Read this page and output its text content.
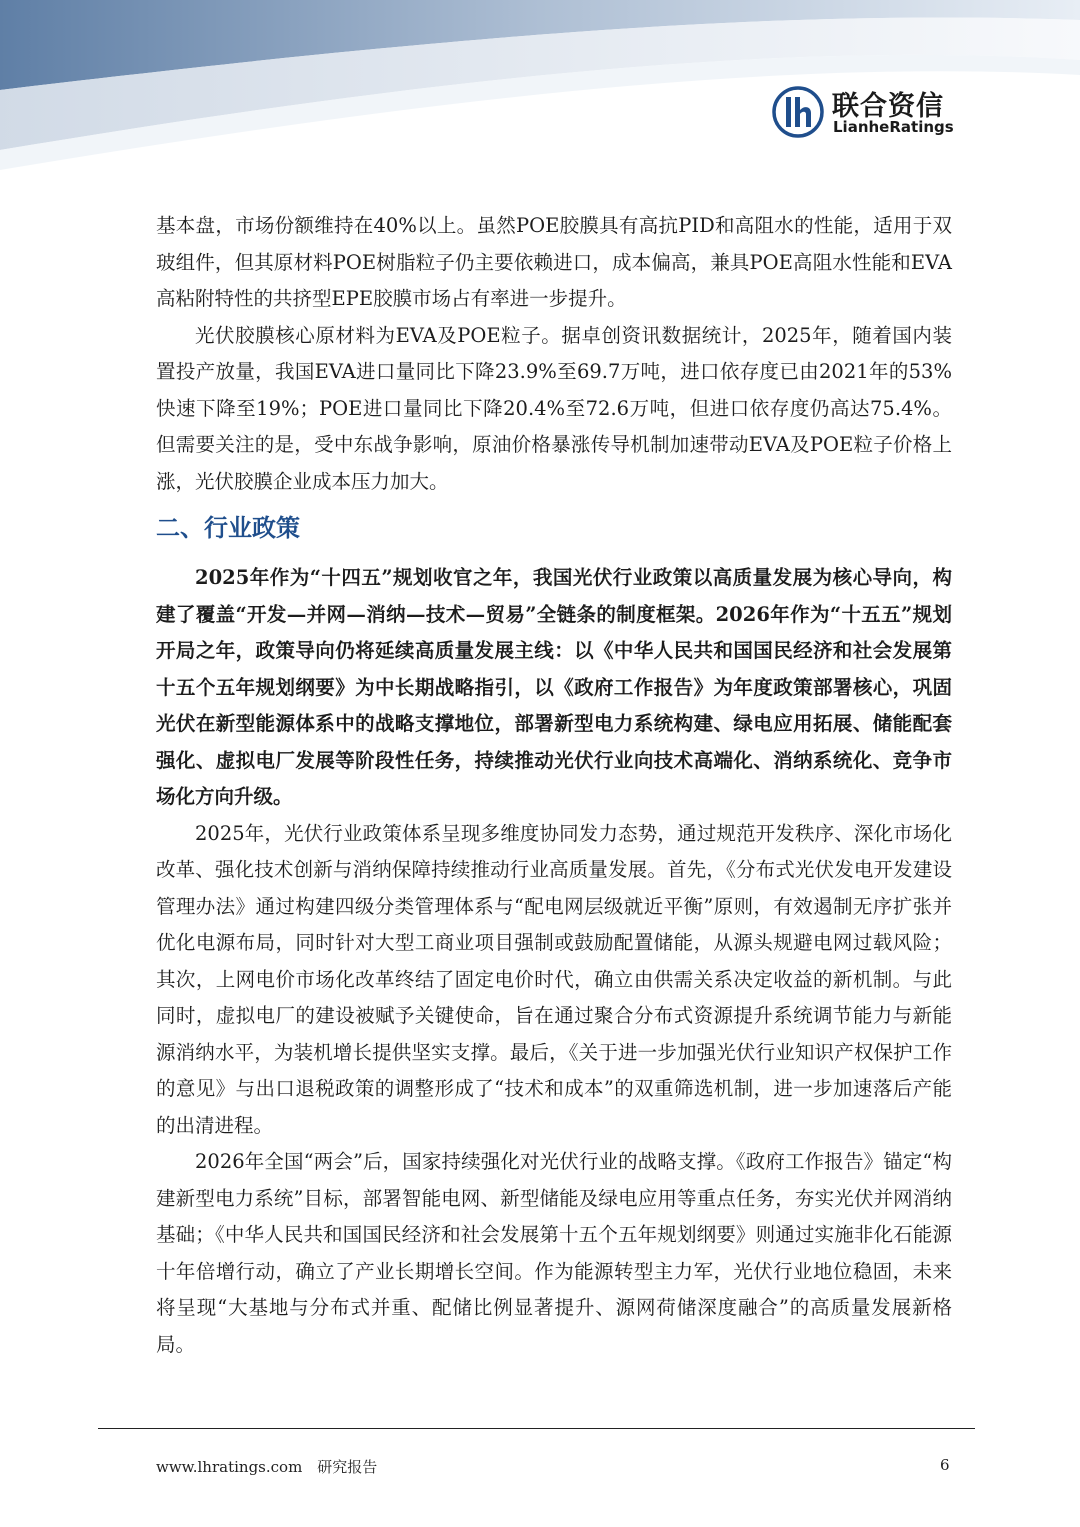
联合资信
LianheRatings

基本盘，市场份额维持在40%以上。虽然POE胶膜具有高抗PID和高阻水的性能，适用于双玻组件，但其原材料POE树脂粒子仍主要依赖进口，成本偏高，兼具POE高阻水性能和EVA高粘附特性的共挤型EPE胶膜市场占有率进一步提升。

光伏胶膜核心原材料为EVA及POE粒子。据卓创资讯数据统计，2025年，随着国内装置投产放量，我国EVA进口量同比下降23.9%至69.7万吨，进口依存度已由2021年的53%快速下降至19%；POE进口量同比下降20.4%至72.6万吨，但进口依存度仍高达75.4%。但需要关注的是，受中东战争影响，原油价格暴涨传导机制加速带动EVA及POE粒子价格上涨，光伏胶膜企业成本压力加大。

二、行业政策

2025年作为“十四五”规划收官之年，我国光伏行业政策以高质量发展为核心导向，构建了覆盖“开发—并网—消纳—技术—贸易”全链条的制度框架。2026年作为“十五五”规划开局之年，政策导向仍将延续高质量发展主线：以《中华人民共和国国民经济和社会发展第十五个五年规划纲要》为中长期战略指引，以《政府工作报告》为年度政策部署核心，巩固光伏在新型能源体系中的战略支撑地位，部署新型电力系统构建、绿电应用拓展、储能配套强化、虚拟电厂发展等阶段性任务，持续推动光伏行业向技术高端化、消纳系统化、竞争市场化方向升级。

2025年，光伏行业政策体系呈现多维度协同发力态势，通过规范开发秩序、深化市场化改革、强化技术创新与消纳保障持续推动行业高质量发展。首先，《分布式光伏发电开发建设管理办法》通过构建四级分类管理体系与“配电网层级就近平衡”原则，有效遏制无序扩张并优化电源布局，同时针对大型工商业项目强制或鼓励配置储能，从源头规避电网过载风险；其次，上网电价市场化改革终结了固定电价时代，确立由供需关系决定收益的新机制。与此同时，虚拟电厂的建设被赋予关键使命，旨在通过聚合分布式资源提升系统调节能力与新能源消纳水平，为装机增长提供坚实支撑。最后，《关于进一步加强光伏行业知识产权保护工作的意见》与出口退税政策的调整形成了“技术和成本”的双重筛选机制，进一步加速落后产能的出清进程。

2026年全国“两会”后，国家持续强化对光伏行业的战略支撑。《政府工作报告》锚定“构建新型电力系统”目标，部署智能电网、新型储能及绿电应用等重点任务，夯实光伏并网消纳基础；《中华人民共和国国民经济和社会发展第十五个五年规划纲要》则通过实施非化石能源十年倍增行动，确立了产业长期增长空间。作为能源转型主力军，光伏行业地位稳固，未来将呈现“大基地与分布式并重、配储比例显著提升、源网荷储深度融合”的高质量发展新格局。

www.lhratings.com　研究报告	6
